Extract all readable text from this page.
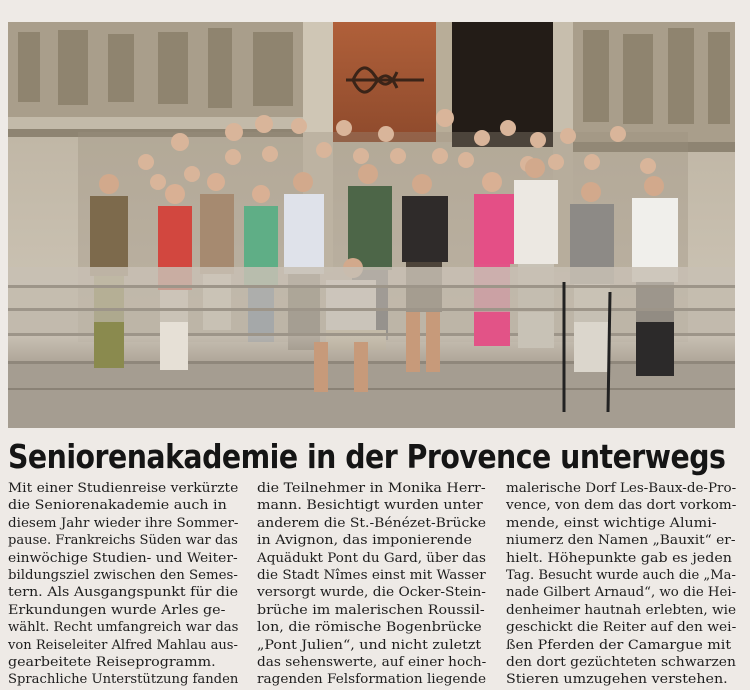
Seniorenakademie in der Provence unterwegs
Mit einer Studienreise verkürzte
die Seniorenakademie auch in
diesem Jahr wieder ihre Sommer-
pause. Frankreichs Süden war das
einwöchige Studien- und Weiter-
bildungsziel zwischen den Semes-
tern. Als Ausgangspunkt für die
Erkundungen wurde Arles ge-
wählt. Recht umfangreich war das
von Reiseleiter Alfred Mahlau aus-
gearbeitete Reiseprogramm.
Sprachliche Unterstützung fanden
die Teilnehmer in Monika Herr-
mann. Besichtigt wurden unter
anderem die St.-Bénézet-Brücke
in Avignon, das imponierende
Aquädukt Pont du Gard, über das
die Stadt Nîmes einst mit Wasser
versorgt wurde, die Ocker-Stein-
brüche im malerischen Roussil-
lon, die römische Bogenbrücke
„Pont Julien“, und nicht zuletzt
das sehenswerte, auf einer hoch-
ragenden Felsformation liegende
malerische Dorf Les-Baux-de-Pro-
vence, von dem das dort vorkom-
mende, einst wichtige Alumi-
niumerz den Namen „Bauxit“ er-
hielt. Höhepunkte gab es jeden
Tag. Besucht wurde auch die „Ma-
nade Gilbert Arnaud“, wo die Hei-
denheimer hautnah erlebten, wie
geschickt die Reiter auf den wei-
ßen Pferden der Camargue mit
den dort gezüchteten schwarzen
Stieren umzugehen verstehen.
